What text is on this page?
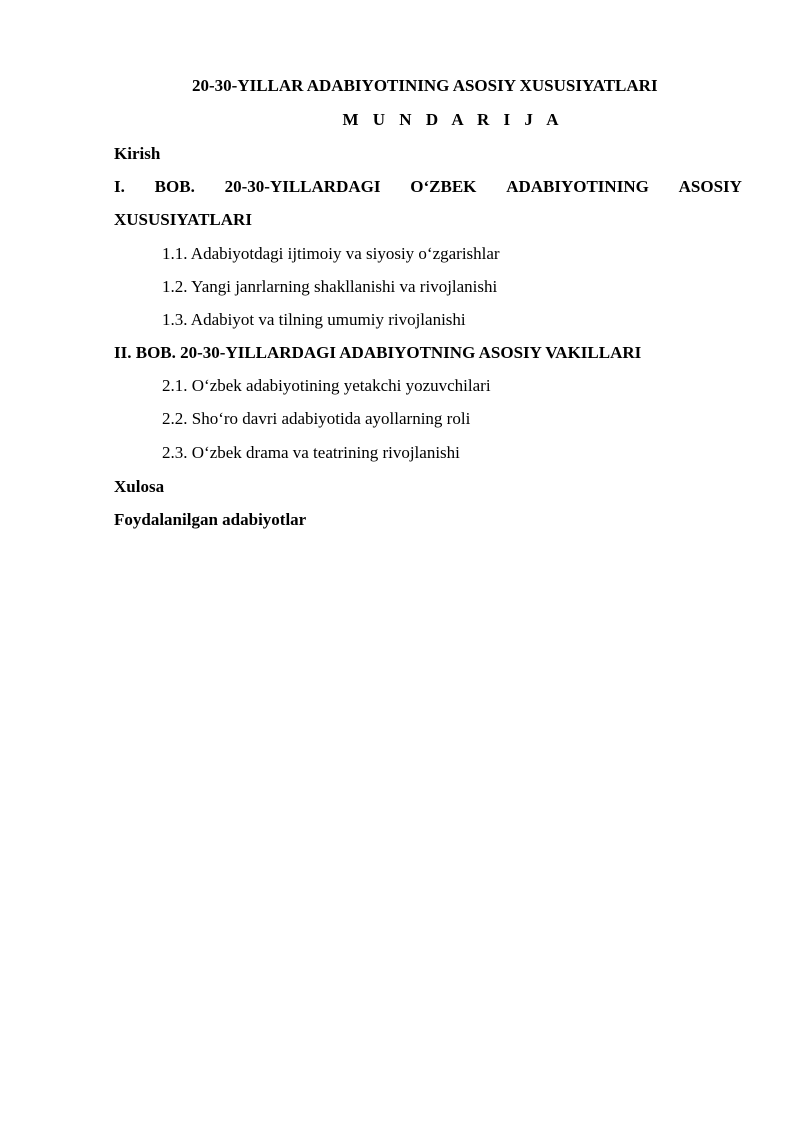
20-30-YILLAR ADABIYOTINING ASOSIY XUSUSIYATLARI
M U N D A R I J A

Kirish

I. BOB. 20-30-YILLARDAGI O‘ZBEK ADABIYOTINING ASOSIY

XUSUSIYATLARI

1.1. Adabiyotdagi ijtimoiy va siyosiy o‘zgarishlar

1.2. Yangi janrlarning shakllanishi va rivojlanishi

1.3. Adabiyot va tilning umumiy rivojlanishi

II. BOB. 20-30-YILLARDAGI ADABIYOTNING ASOSIY VAKILLARI

2.1. O‘zbek adabiyotining yetakchi yozuvchilari

2.2. Sho‘ro davri adabiyotida ayollarning roli

2.3. O‘zbek drama va teatrining rivojlanishi

Xulosa

Foydalanilgan adabiyotlar
